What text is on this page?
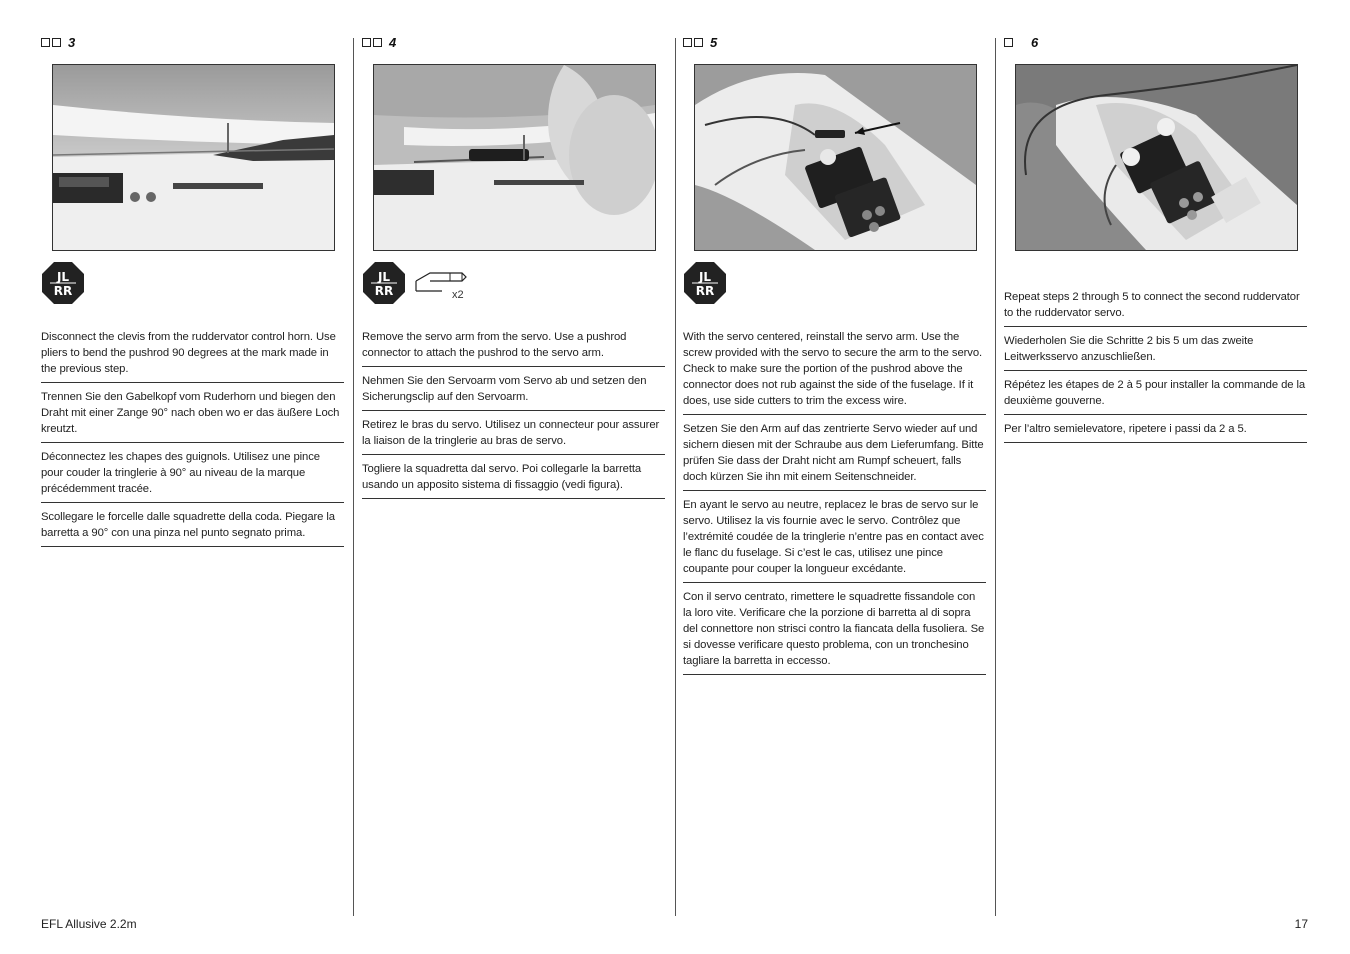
3
JL
RR
Disconnect the clevis from the ruddervator control horn. Use pliers to bend the pushrod 90 degrees at the mark made in the previous step.
Trennen Sie den Gabelkopf vom Ruderhorn und biegen den Draht mit einer Zange 90° nach oben wo er das äußere Loch kreutzt.
Déconnectez les chapes des guignols. Utilisez une pince pour couder la tringlerie à 90° au niveau de la marque précédemment tracée.
Scollegare le forcelle dalle squadrette della coda. Piegare la barretta a 90° con una pinza nel punto segnato prima.
4
JL
RR	x2
Remove the servo arm from the servo. Use a pushrod connector to attach the pushrod to the servo arm.
Nehmen Sie den Servoarm vom Servo ab und setzen den Sicherungsclip auf den Servoarm.
Retirez le bras du servo. Utilisez un connecteur pour assurer la liaison de la tringlerie au bras de servo.
Togliere la squadretta dal servo. Poi collegarle la barretta usando un apposito sistema di fissaggio (vedi figura).
5
JL
RR
With the servo centered, reinstall the servo arm. Use the screw provided with the servo to secure the arm to the servo. Check to make sure the portion of the pushrod above the connector does not rub against the side of the fuselage. If it does, use side cutters to trim the excess wire.
Setzen Sie den Arm auf das zentrierte Servo wieder auf und sichern diesen mit der Schraube aus dem Lieferumfang. Bitte prüfen Sie dass der Draht nicht am Rumpf scheuert, falls doch kürzen Sie ihn mit einem Seitenschneider.
En ayant le servo au neutre, replacez le bras de servo sur le servo. Utilisez la vis fournie avec le servo. Contrôlez que l’extrémité coudée de la tringlerie n’entre pas en contact avec le flanc du fuselage. Si c’est le cas, utilisez une pince coupante pour couper la longueur excédante.
Con il servo centrato, rimettere le squadrette fissandole con la loro vite. Verificare che la porzione di barretta al di sopra del connettore non strisci contro la fiancata della fusoliera. Se si dovesse verificare questo problema, con un tronchesino tagliare la barretta in eccesso.
6
Repeat steps 2 through 5 to connect the second ruddervator to the ruddervator servo.
Wiederholen Sie die Schritte 2 bis 5 um das zweite Leitwerksservo anzuschließen.
Répétez les étapes de 2 à 5 pour installer la commande de la deuxième gouverne.
Per l’altro semielevatore, ripetere i passi da 2 a 5.
EFL Allusive 2.2m	17
